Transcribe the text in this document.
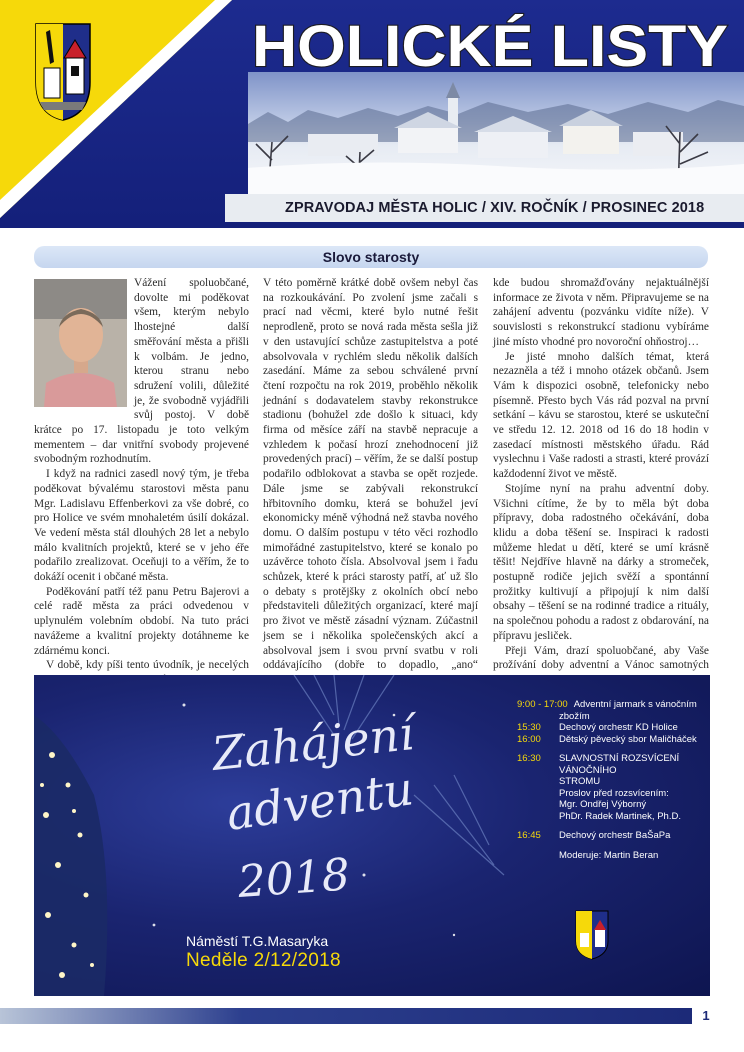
HOLICKÉ LISTY
ZPRAVODAJ MĚSTA HOLIC / XIV. ROČNÍK / PROSINEC 2018
Slovo starosty

Vážení spoluobčané, dovolte mi poděkovat všem, kterým nebylo lhostejné další směřování města a přišli k volbám. Je jedno, kterou stranu nebo sdružení volili, důležité je, že svobodně vyjádřili svůj postoj. V době krátce po 17. listopadu je toto velkým mementem – dar vnitřní svobody projevené svobodným rozhodnutím.

I když na radnici zasedl nový tým, je třeba poděkovat bývalému starostovi města panu Mgr. Ladislavu Effenberkovi za vše dobré, co pro Holice ve svém mnohaletém úsilí dokázal. Ve vedení města stál dlouhých 28 let a nebylo málo kvalitních projektů, které se v jeho éře podařilo zrealizovat. Oceňuji to a věřím, že to dokáží ocenit i občané města.

Poděkování patří též panu Petru Bajerovi a celé radě města za práci odvedenou v uplynulém volebním období. Na tuto práci navážeme a kvalitní projekty dotáhneme ke zdárnému konci.

V době, kdy píši tento úvodník, je necelých

V této poměrně krátké době ovšem nebyl čas na rozkoukávání. Po zvolení jsme začali s prací nad věcmi, které bylo nutné řešit neprodleně, proto se nová rada města sešla již v den ustavující schůze zastupitelstva a poté absolvovala v rychlém sledu několik dalších zasedání. Máme za sebou schválené první čtení rozpočtu na rok 2019, proběhlo několik jednání s dodavatelem stavby rekonstrukce stadionu (bohužel zde došlo k situaci, kdy firma od měsíce září na stavbě nepracuje a vzhledem k počasí hrozí znehodnocení již provedených prací) – věřím, že se další postup podařilo odblokovat a stavba se opět rozjede. Dále jsme se zabývali rekonstrukcí hřbitovního domku, která se bohužel jeví ekonomicky méně výhodná než stavba nového domu. O dalším postupu v této věci rozhodlo mimořádné zastupitelstvo, které se konalo po uzávěrce tohoto čísla. Absolvoval jsem i řadu schůzek, které k práci starosty patří, ať už šlo o debaty s protějšky z okolních obcí nebo představiteli důležitých organizací, které mají pro život ve městě zásadní význam. Zúčastnil jsem se i několika společenských akcí a absolvoval jsem i svou první svatbu v roli oddávajícího (dobře to dopadlo, „ano“

kde budou shromažďovány nejaktuálnější informace ze života v něm. Připravujeme se na zahájení adventu (pozvánku vidíte níže). V souvislosti s rekonstrukcí stadionu vybíráme jiné místo vhodné pro novoroční ohňostroj…

Je jisté mnoho dalších témat, která nezazněla a též i mnoho otázek občanů. Jsem Vám k dispozici osobně, telefonicky nebo písemně. Přesto bych Vás rád pozval na první setkání – kávu se starostou, které se uskuteční ve středu 12. 12. 2018 od 16 do 18 hodin v zasedací místnosti městského úřadu. Rád vyslechnu i Vaše radosti a strasti, které provází každodenní život ve městě.

Stojíme nyní na prahu adventní doby. Všichni cítíme, že by to měla být doba přípravy, doba radostného očekávání, doba klidu a doba těšení se. Inspiraci k radosti můžeme hledat u dětí, které se umí krásně těšit! Nejdříve hlavně na dárky a stromeček, postupně rodiče jejich svěží a spontánní prožitky kultivují a připojují k nim další obsahy – těšení se na rodinné tradice a rituály, na společnou pohodu a radost z obdarování, na přípravu jesliček.

Přeji Vám, drazí spoluobčané, aby Vaše prožívání doby adventní a Vánoc samotných

Zahájení
adventu
2018
9:00 - 17:00 Adventní jarmark s vánočním
zbožím
15:30	Dechový orchestr KD Holice
16:00	Dětský pěvecký sbor Maličháček
16:30	SLAVNOSTNÍ ROZSVÍCENÍ VÁNOČNÍHO
STROMU
Proslov před rozsvícením:
Mgr. Ondřej Výborný
PhDr. Radek Martinek, Ph.D.
16:45	Dechový orchestr BaŠaPa
Moderuje: Martin Beran
Náměstí T.G.Masaryka
Neděle 2/12/2018
1
